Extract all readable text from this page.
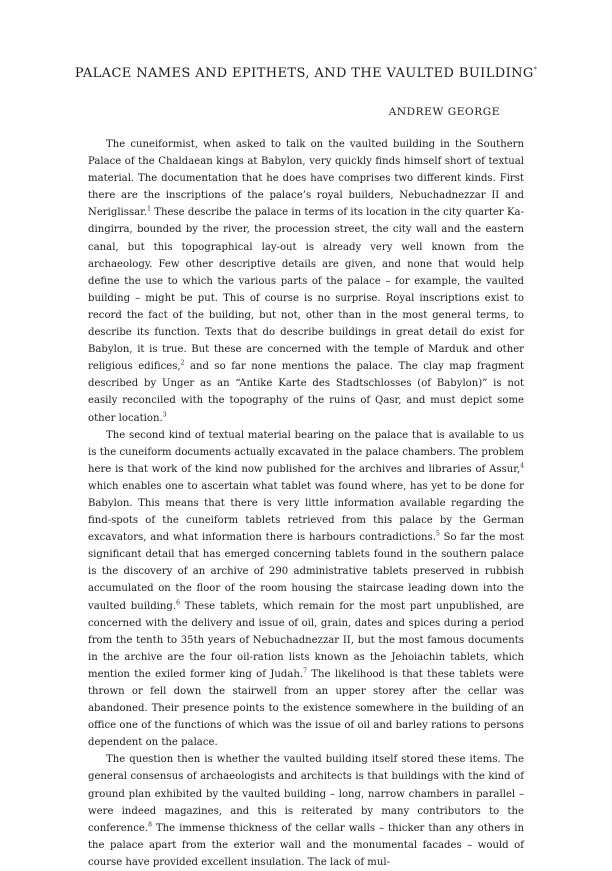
PALACE NAMES AND EPITHETS, AND THE VAULTED BUILDING*

ANDREW GEORGE

The cuneiformist, when asked to talk on the vaulted building in the Southern Palace of the Chaldaean kings at Babylon, very quickly finds himself short of textual material. The documentation that he does have comprises two different kinds. First there are the inscriptions of the palace’s royal builders, Nebuchadnezzar II and Neriglissar.$^1$ These describe the palace in terms of its location in the city quarter Ka-dingirra, bounded by the river, the procession street, the city wall and the eastern canal, but this topographical lay-out is already very well known from the archaeology. Few other descriptive details are given, and none that would help define the use to which the various parts of the palace – for example, the vaulted building – might be put. This of course is no surprise. Royal inscriptions exist to record the fact of the building, but not, other than in the most general terms, to describe its function. Texts that do describe buildings in great detail do exist for Babylon, it is true. But these are concerned with the temple of Marduk and other religious edifices,$^2$ and so far none mentions the palace. The clay map fragment described by Unger as an “Antike Karte des Stadtschlosses (of Babylon)” is not easily reconciled with the topography of the ruins of Qasr, and must depict some other location.$^3$

The second kind of textual material bearing on the palace that is available to us is the cuneiform documents actually excavated in the palace chambers. The problem here is that work of the kind now published for the archives and libraries of Assur,$^4$ which enables one to ascertain what tablet was found where, has yet to be done for Babylon. This means that there is very little information available regarding the find-spots of the cuneiform tablets retrieved from this palace by the German excavators, and what information there is harbours contradictions.$^5$ So far the most significant detail that has emerged concerning tablets found in the southern palace is the discovery of an archive of 290 administrative tablets preserved in rubbish accumulated on the floor of the room housing the staircase leading down into the vaulted building.$^6$ These tablets, which remain for the most part unpublished, are concerned with the delivery and issue of oil, grain, dates and spices during a period from the tenth to 35th years of Nebuchadnezzar II, but the most famous documents in the archive are the four oil-ration lists known as the Jehoiachin tablets, which mention the exiled former king of Judah.$^7$ The likelihood is that these tablets were thrown or fell down the stairwell from an upper storey after the cellar was abandoned. Their presence points to the existence somewhere in the building of an office one of the functions of which was the issue of oil and barley rations to persons dependent on the palace.

The question then is whether the vaulted building itself stored these items. The general consensus of archaeologists and architects is that buildings with the kind of ground plan exhibited by the vaulted building – long, narrow chambers in parallel – were indeed magazines, and this is reiterated by many contributors to the conference.$^8$ The immense thickness of the cellar walls – thicker than any others in the palace apart from the exterior wall and the monumental facades – would of course have provided excellent insulation. The lack of mul-
